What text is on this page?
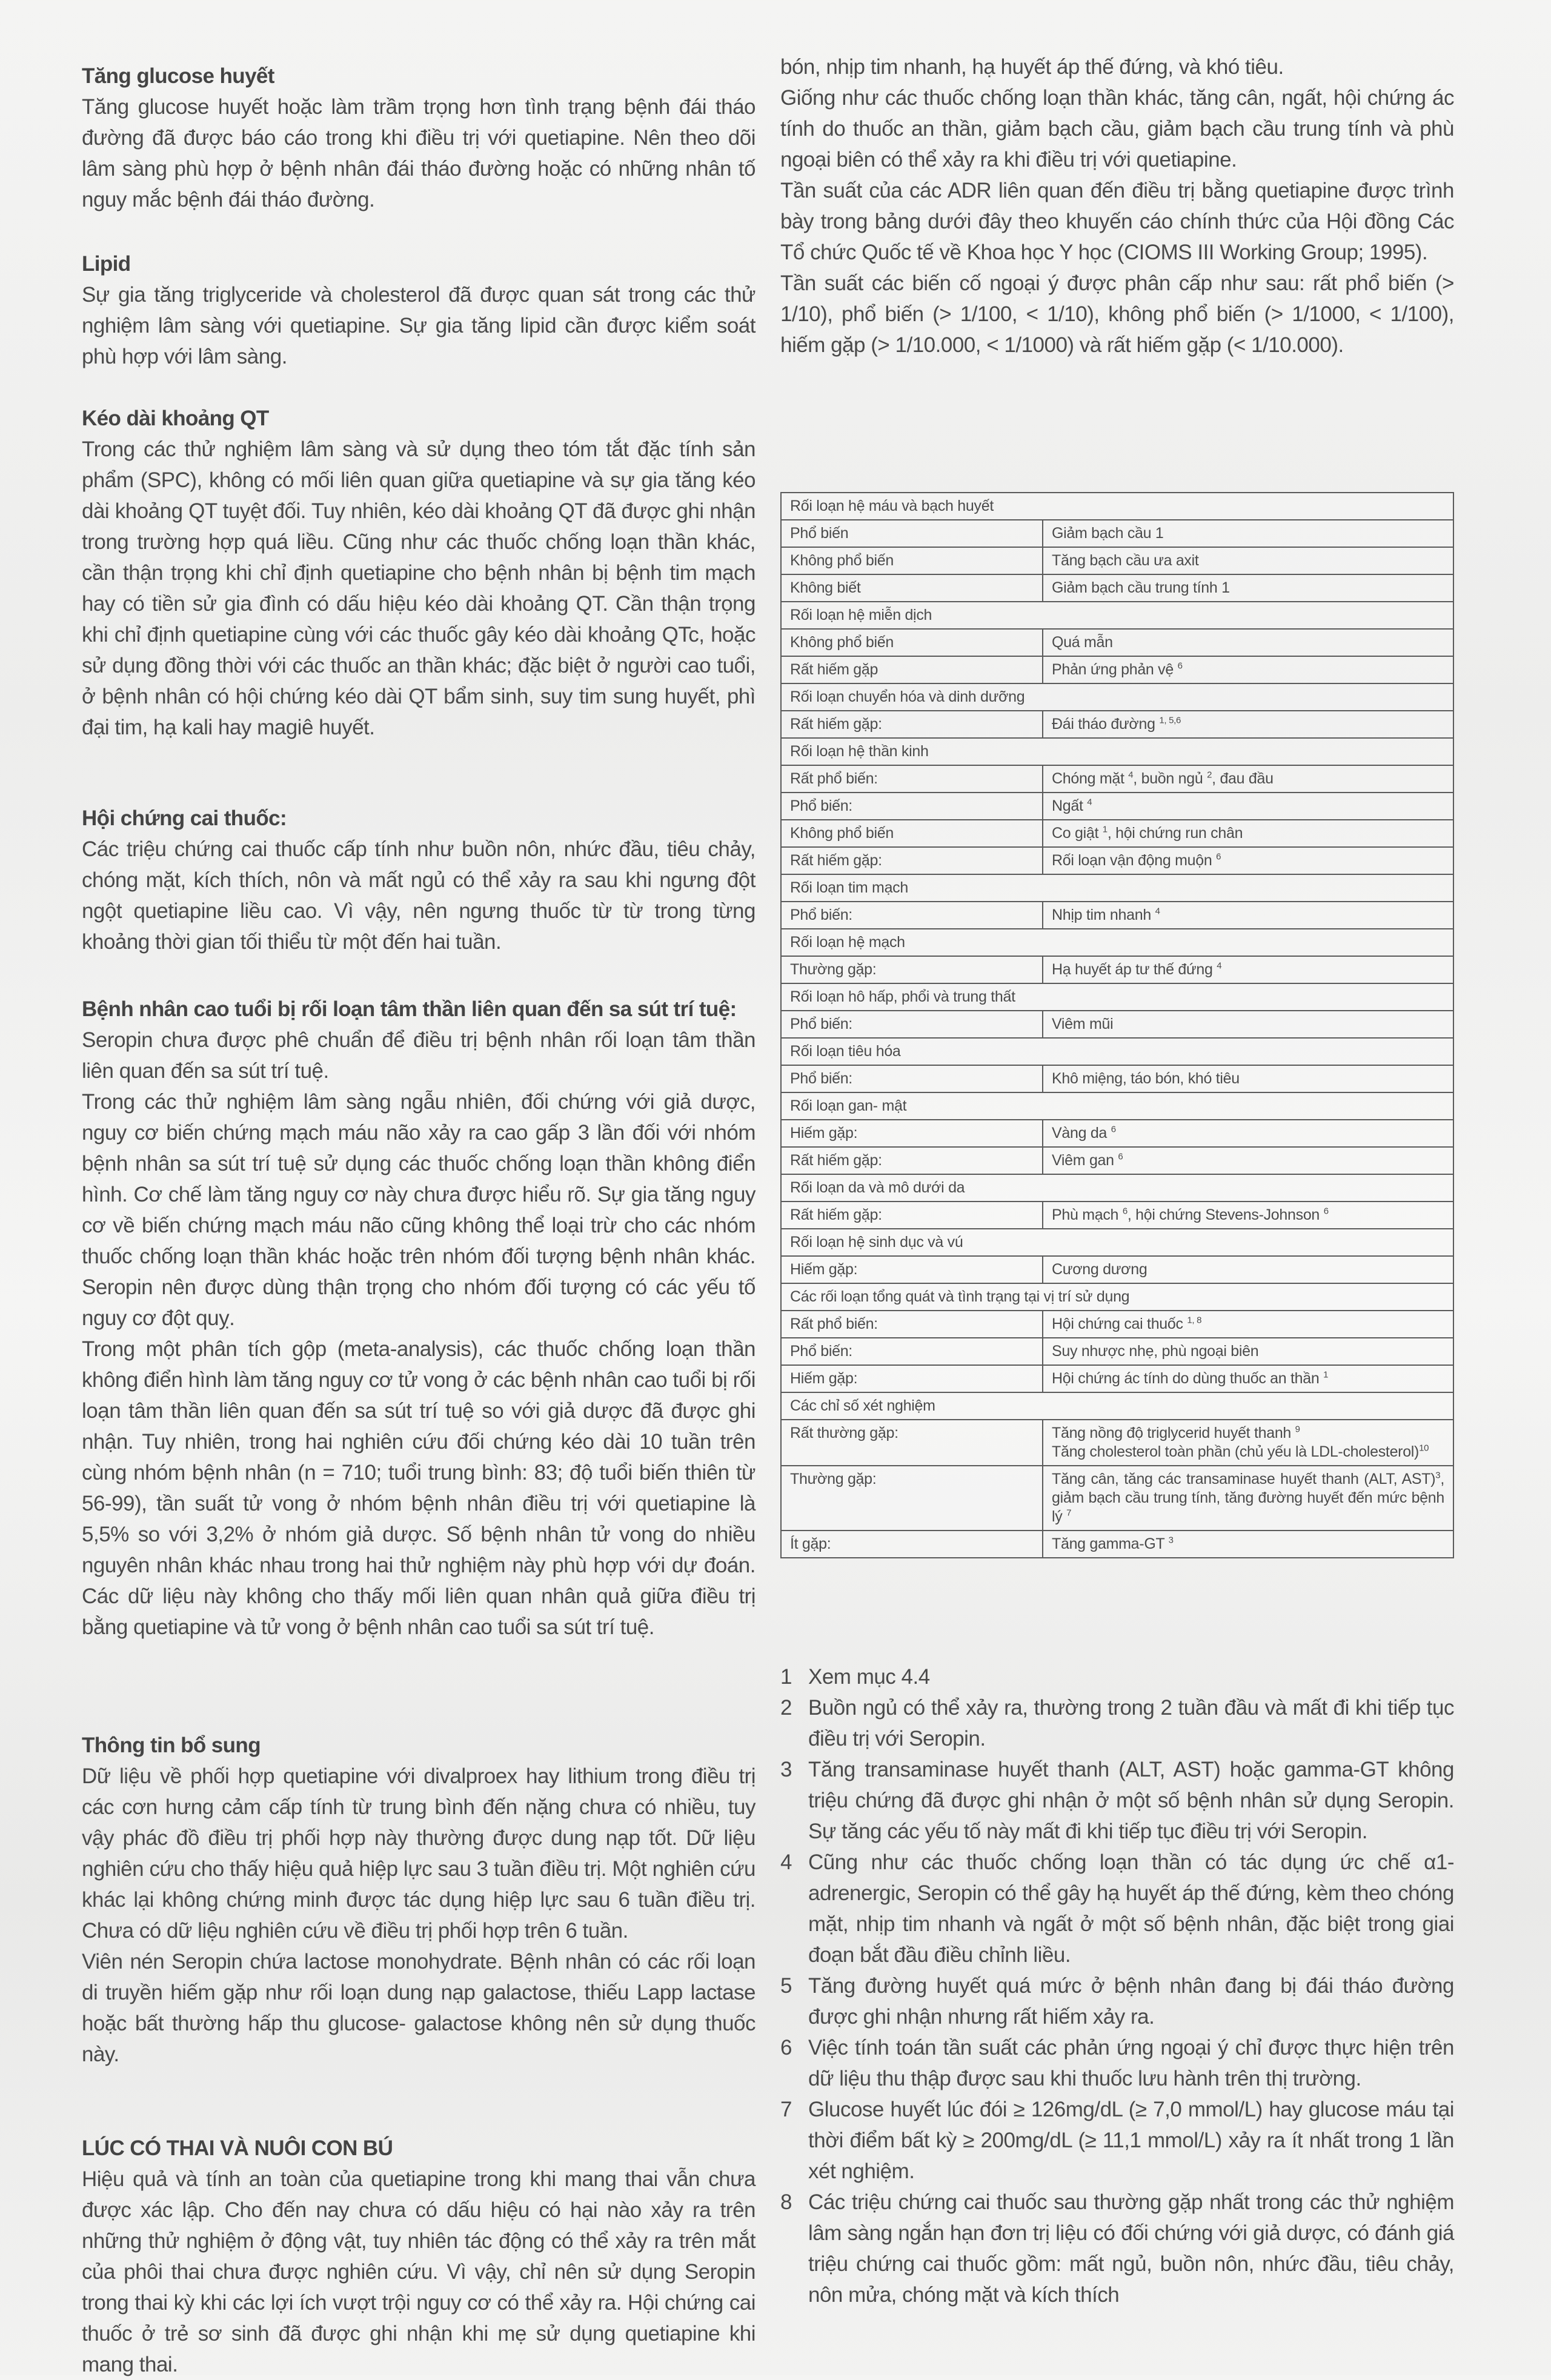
Tăng glucose huyết

Tăng glucose huyết hoặc làm trầm trọng hơn tình trạng bệnh đái tháo đường đã được báo cáo trong khi điều trị với quetiapine. Nên theo dõi lâm sàng phù hợp ở bệnh nhân đái tháo đường hoặc có những nhân tố nguy mắc bệnh đái tháo đường.

Lipid

Sự gia tăng triglyceride và cholesterol đã được quan sát trong các thử nghiệm lâm sàng với quetiapine. Sự gia tăng lipid cần được kiểm soát phù hợp với lâm sàng.

Kéo dài khoảng QT

Trong các thử nghiệm lâm sàng và sử dụng theo tóm tắt đặc tính sản phẩm (SPC), không có mối liên quan giữa quetiapine và sự gia tăng kéo dài khoảng QT tuyệt đối. Tuy nhiên, kéo dài khoảng QT đã được ghi nhận trong trường hợp quá liều. Cũng như các thuốc chống loạn thần khác, cần thận trọng khi chỉ định quetiapine cho bệnh nhân bị bệnh tim mạch hay có tiền sử gia đình có dấu hiệu kéo dài khoảng QT. Cần thận trọng khi chỉ định quetiapine cùng với các thuốc gây kéo dài khoảng QTc, hoặc sử dụng đồng thời với các thuốc an thần khác; đặc biệt ở người cao tuổi, ở bệnh nhân có hội chứng kéo dài QT bẩm sinh, suy tim sung huyết, phì đại tim, hạ kali hay magiê huyết.

Hội chứng cai thuốc:

Các triệu chứng cai thuốc cấp tính như buồn nôn, nhức đầu, tiêu chảy, chóng mặt, kích thích, nôn và mất ngủ có thể xảy ra sau khi ngưng đột ngột quetiapine liều cao. Vì vậy, nên ngưng thuốc từ từ trong từng khoảng thời gian tối thiểu từ một đến hai tuần.

Bệnh nhân cao tuổi bị rối loạn tâm thần liên quan đến sa sút trí tuệ:

Seropin chưa được phê chuẩn để điều trị bệnh nhân rối loạn tâm thần liên quan đến sa sút trí tuệ.

Trong các thử nghiệm lâm sàng ngẫu nhiên, đối chứng với giả dược, nguy cơ biến chứng mạch máu não xảy ra cao gấp 3 lần đối với nhóm bệnh nhân sa sút trí tuệ sử dụng các thuốc chống loạn thần không điển hình. Cơ chế làm tăng nguy cơ này chưa được hiểu rõ. Sự gia tăng nguy cơ về biến chứng mạch máu não cũng không thể loại trừ cho các nhóm thuốc chống loạn thần khác hoặc trên nhóm đối tượng bệnh nhân khác. Seropin nên được dùng thận trọng cho nhóm đối tượng có các yếu tố nguy cơ đột quỵ.

Trong một phân tích gộp (meta-analysis), các thuốc chống loạn thần không điển hình làm tăng nguy cơ tử vong ở các bệnh nhân cao tuổi bị rối loạn tâm thần liên quan đến sa sút trí tuệ so với giả dược đã được ghi nhận. Tuy nhiên, trong hai nghiên cứu đối chứng kéo dài 10 tuần trên cùng nhóm bệnh nhân (n = 710; tuổi trung bình: 83; độ tuổi biến thiên từ 56-99), tần suất tử vong ở nhóm bệnh nhân điều trị với quetiapine là 5,5% so với 3,2% ở nhóm giả dược. Số bệnh nhân tử vong do nhiều nguyên nhân khác nhau trong hai thử nghiệm này phù hợp với dự đoán. Các dữ liệu này không cho thấy mối liên quan nhân quả giữa điều trị bằng quetiapine và tử vong ở bệnh nhân cao tuổi sa sút trí tuệ.

Thông tin bổ sung

Dữ liệu về phối hợp quetiapine với divalproex hay lithium trong điều trị các cơn hưng cảm cấp tính từ trung bình đến nặng chưa có nhiều, tuy vậy phác đồ điều trị phối hợp này thường được dung nạp tốt. Dữ liệu nghiên cứu cho thấy hiệu quả hiệp lực sau 3 tuần điều trị. Một nghiên cứu khác lại không chứng minh được tác dụng hiệp lực sau 6 tuần điều trị. Chưa có dữ liệu nghiên cứu về điều trị phối hợp trên 6 tuần.

Viên nén Seropin chứa lactose monohydrate. Bệnh nhân có các rối loạn di truyền hiếm gặp như rối loạn dung nạp galactose, thiếu Lapp lactase hoặc bất thường hấp thu glucose- galactose không nên sử dụng thuốc này.

LÚC CÓ THAI VÀ NUÔI CON BÚ

Hiệu quả và tính an toàn của quetiapine trong khi mang thai vẫn chưa được xác lập. Cho đến nay chưa có dấu hiệu có hại nào xảy ra trên những thử nghiệm ở động vật, tuy nhiên tác động có thể xảy ra trên mắt của phôi thai chưa được nghiên cứu. Vì vậy, chỉ nên sử dụng Seropin trong thai kỳ khi các lợi ích vượt trội nguy cơ có thể xảy ra. Hội chứng cai thuốc ở trẻ sơ sinh đã được ghi nhận khi mẹ sử dụng quetiapine khi mang thai.

bón, nhịp tim nhanh, hạ huyết áp thế đứng, và khó tiêu.

Giống như các thuốc chống loạn thần khác, tăng cân, ngất, hội chứng ác tính do thuốc an thần, giảm bạch cầu, giảm bạch cầu trung tính và phù ngoại biên có thể xảy ra khi điều trị với quetiapine.

Tần suất của các ADR liên quan đến điều trị bằng quetiapine được trình bày trong bảng dưới đây theo khuyến cáo chính thức của Hội đồng Các Tổ chức Quốc tế về Khoa học Y học (CIOMS III Working Group; 1995).

Tần suất các biến cố ngoại ý được phân cấp như sau: rất phổ biến (> 1/10), phổ biến (> 1/100, < 1/10), không phổ biến (> 1/1000, < 1/100), hiếm gặp (> 1/10.000, < 1/1000) và rất hiếm gặp (< 1/10.000).

Rối loạn hệ máu và bạch huyết	
Phổ biến	Giảm bạch cầu 1

Không phổ biến	Tăng bạch cầu ưa axit

Không biết	Giảm bạch cầu trung tính 1

Rối loạn hệ miễn dịch	
Không phổ biến	Quá mẫn

Rất hiếm gặp	Phản ứng phản vệ $^6$

Rối loạn chuyển hóa và dinh dưỡng	
Rất hiếm gặp:	Đái tháo đường $^{1, 5,6}$

Rối loạn hệ thần kinh	
Rất phổ biến:	Chóng mặt $^4$, buồn ngủ $^2$, đau đầu

Phổ biến:	Ngất $^4$

Không phổ biến	Co giật $^1$, hội chứng run chân

Rất hiếm gặp:	Rối loạn vận động muộn $^6$

Rối loạn tim mạch	
Phổ biến:	Nhịp tim nhanh $^4$

Rối loạn hệ mạch	
Thường gặp:	Hạ huyết áp tư thế đứng $^4$

Rối loạn hô hấp, phổi và trung thất	
Phổ biến:	Viêm mũi

Rối loạn tiêu hóa	
Phổ biến:	Khô miệng, táo bón, khó tiêu

Rối loạn gan- mật	
Hiếm gặp:	Vàng da $^6$

Rất hiếm gặp:	Viêm gan $^6$

Rối loạn da và mô dưới da	
Rất hiếm gặp:	Phù mạch $^6$, hội chứng Stevens-Johnson $^6$

Rối loạn hệ sinh dục và vú	
Hiếm gặp:	Cương dương

Các rối loạn tổng quát và tình trạng tại vị trí sử dụng	
Rất phổ biến:	Hội chứng cai thuốc $^{1, 8}$

Phổ biến:	Suy nhược nhẹ, phù ngoại biên

Hiếm gặp:	Hội chứng ác tính do dùng thuốc an thần $^1$

Các chỉ số xét nghiệm	
Rất thường gặp:	Tăng nồng độ triglycerid huyết thanh $^9$
Tăng cholesterol toàn phần (chủ yếu là LDL-cholesterol)$^{10}$

Thường gặp:	Tăng cân, tăng các transaminase huyết thanh (ALT, AST)$^3$, giảm bạch cầu trung tính, tăng đường huyết đến mức bệnh lý $^7$

Ít gặp:	Tăng gamma-GT $^3$
1 Xem mục 4.4
2 Buồn ngủ có thể xảy ra, thường trong 2 tuần đầu và mất đi khi tiếp tục điều trị với Seropin.
3 Tăng transaminase huyết thanh (ALT, AST) hoặc gamma-GT không triệu chứng đã được ghi nhận ở một số bệnh nhân sử dụng Seropin. Sự tăng các yếu tố này mất đi khi tiếp tục điều trị với Seropin.
4 Cũng như các thuốc chống loạn thần có tác dụng ức chế α1-adrenergic, Seropin có thể gây hạ huyết áp thế đứng, kèm theo chóng mặt, nhịp tim nhanh và ngất ở một số bệnh nhân, đặc biệt trong giai đoạn bắt đầu điều chỉnh liều.
5 Tăng đường huyết quá mức ở bệnh nhân đang bị đái tháo đường được ghi nhận nhưng rất hiếm xảy ra.
6 Việc tính toán tần suất các phản ứng ngoại ý chỉ được thực hiện trên dữ liệu thu thập được sau khi thuốc lưu hành trên thị trường.
7 Glucose huyết lúc đói ≥ 126mg/dL (≥ 7,0 mmol/L) hay glucose máu tại thời điểm bất kỳ ≥ 200mg/dL (≥ 11,1 mmol/L) xảy ra ít nhất trong 1 lần xét nghiệm.
8 Các triệu chứng cai thuốc sau thường gặp nhất trong các thử nghiệm lâm sàng ngắn hạn đơn trị liệu có đối chứng với giả dược, có đánh giá triệu chứng cai thuốc gồm: mất ngủ, buồn nôn, nhức đầu, tiêu chảy, nôn mửa, chóng mặt và kích thích
